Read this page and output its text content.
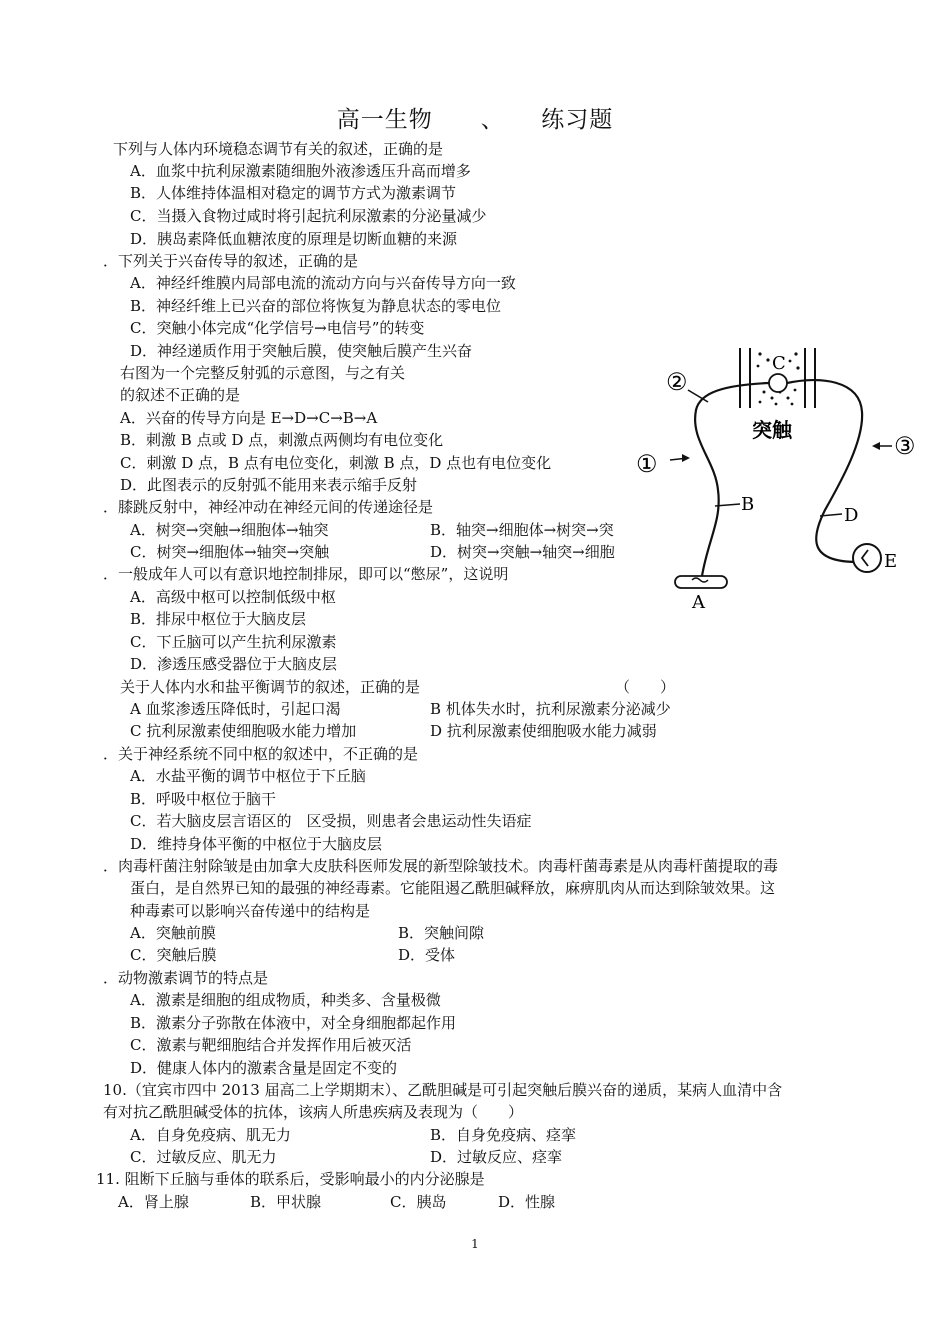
高一生物　　、　　练习题
下列与人体内环境稳态调节有关的叙述，正确的是
A．血浆中抗利尿激素随细胞外液渗透压升高而增多
B．人体维持体温相对稳定的调节方式为激素调节
C．当摄入食物过咸时将引起抗利尿激素的分泌量减少
D．胰岛素降低血糖浓度的原理是切断血糖的来源
．下列关于兴奋传导的叙述，正确的是
A．神经纤维膜内局部电流的流动方向与兴奋传导方向一致
B．神经纤维上已兴奋的部位将恢复为静息状态的零电位
C．突触小体完成“化学信号→电信号”的转变
D．神经递质作用于突触后膜，使突触后膜产生兴奋
右图为一个完整反射弧的示意图，与之有关
的叙述不正确的是
A．兴奋的传导方向是 E→D→C→B→A
B．刺激 B 点或 D 点，刺激点两侧均有电位变化
C．刺激 D 点，B 点有电位变化，刺激 B 点，D 点也有电位变化
D．此图表示的反射弧不能用来表示缩手反射
．膝跳反射中，神经冲动在神经元间的传递途径是
A．树突→突触→细胞体→轴突	B．轴突→细胞体→树突→突
C．树突→细胞体→轴突→突触	D．树突→突触→轴突→细胞
．一般成年人可以有意识地控制排尿，即可以“憋尿”，这说明
A．高级中枢可以控制低级中枢
B．排尿中枢位于大脑皮层
C．下丘脑可以产生抗利尿激素
D．渗透压感受器位于大脑皮层
关于人体内水和盐平衡调节的叙述，正确的是	（　　）
A 血浆渗透压降低时，引起口渴	B 机体失水时，抗利尿激素分泌减少
C 抗利尿激素使细胞吸水能力增加	D 抗利尿激素使细胞吸水能力减弱
．关于神经系统不同中枢的叙述中，不正确的是
A．水盐平衡的调节中枢位于下丘脑
B．呼吸中枢位于脑干
C．若大脑皮层言语区的　区受损，则患者会患运动性失语症
D．维持身体平衡的中枢位于大脑皮层
．肉毒杆菌注射除皱是由加拿大皮肤科医师发展的新型除皱技术。肉毒杆菌毒素是从肉毒杆菌提取的毒
蛋白，是自然界已知的最强的神经毒素。它能阻遏乙酰胆碱释放，麻痹肌肉从而达到除皱效果。这
种毒素可以影响兴奋传递中的结构是
A．突触前膜	B．突触间隙
C．突触后膜	D．受体
．动物激素调节的特点是
A．激素是细胞的组成物质，种类多、含量极微
B．激素分子弥散在体液中，对全身细胞都起作用
C．激素与靶细胞结合并发挥作用后被灭活
D．健康人体内的激素含量是固定不变的
10.（宜宾市四中 2013 届高二上学期期末）、乙酰胆碱是可引起突触后膜兴奋的递质，某病人血清中含
有对抗乙酰胆碱受体的抗体，该病人所患疾病及表现为（　　）
A．自身免疫病、肌无力	B．自身免疫病、痉挛
C．过敏反应、肌无力	D．过敏反应、痉挛
11. 阻断下丘脑与垂体的联系后，受影响最小的内分泌腺是
A．肾上腺	B．甲状腺	C．胰岛	D．性腺
②
①
③
C
突触
B
D
E
A
1
